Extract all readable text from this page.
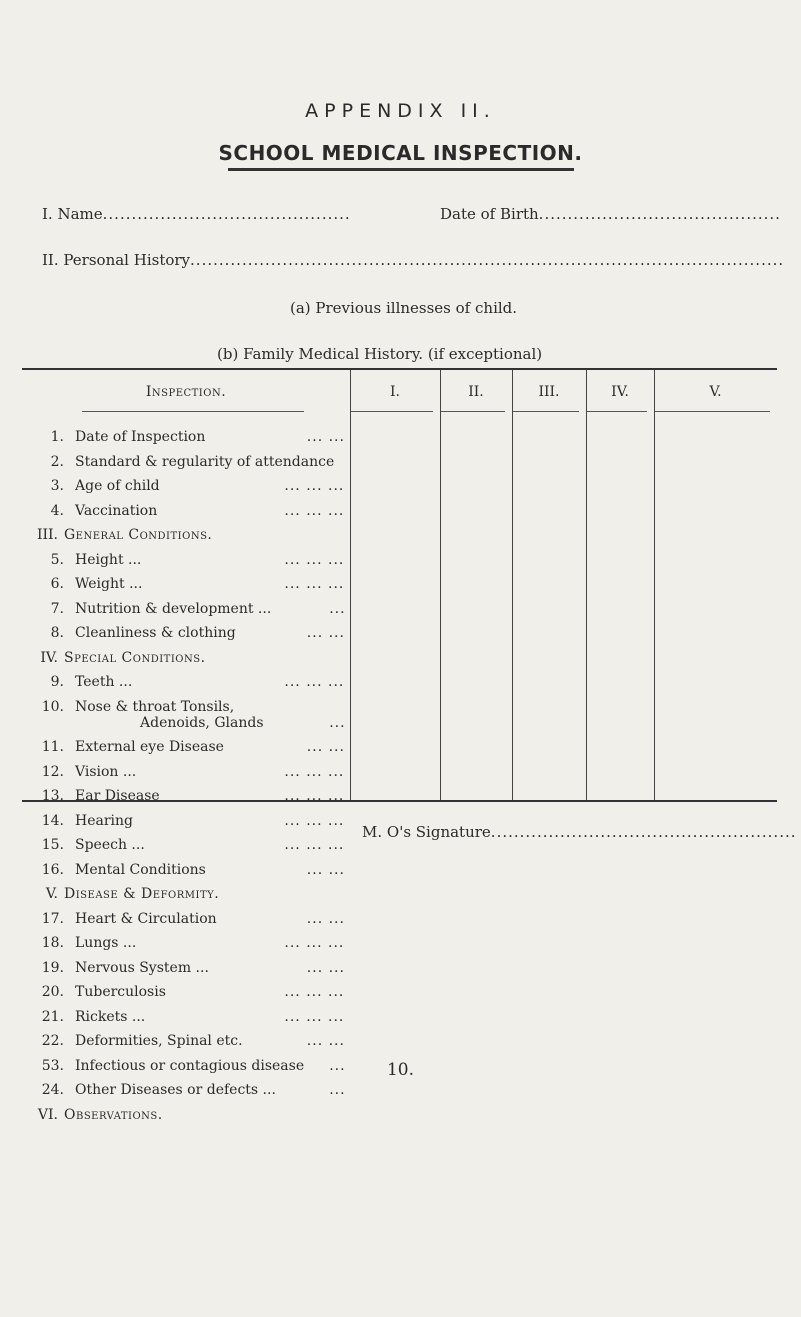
APPENDIX II.
SCHOOL MEDICAL INSPECTION.
I. Name...........................................	Date of Birth..........................................
II. Personal History.......................................................................................................
(a) Previous illnesses of child.
(b) Family Medical History. (if exceptional)
Inspection.	I.	II.	III.	IV.	V.
1. Date of Inspection	... ...
2. Standard & regularity of attendance
3. Age of child	... ... ...
4. Vaccination	... ... ...
III. General Conditions.
5. Height ...	... ... ...
6. Weight ...	... ... ...
7. Nutrition & development ...	...
8. Cleanliness & clothing	... ...
IV. Special Conditions.
9. Teeth ...	... ... ...
10. Nose & throat Tonsils,
Adenoids, Glands	...
11. External eye Disease	... ...
12. Vision ...	... ... ...
13. Ear Disease	... ... ...
14. Hearing	... ... ...
15. Speech ...	... ... ...
16. Mental Conditions	... ...
V. Disease & Deformity.
17. Heart & Circulation	... ...
18. Lungs ...	... ... ...
19. Nervous System ...	... ...
20. Tuberculosis	... ... ...
21. Rickets ...	... ... ...
22. Deformities, Spinal etc.	... ...
53. Infectious or contagious disease ...
24. Other Diseases or defects ...	...
VI. Observations.
M. O's Signature.....................................................
10.
